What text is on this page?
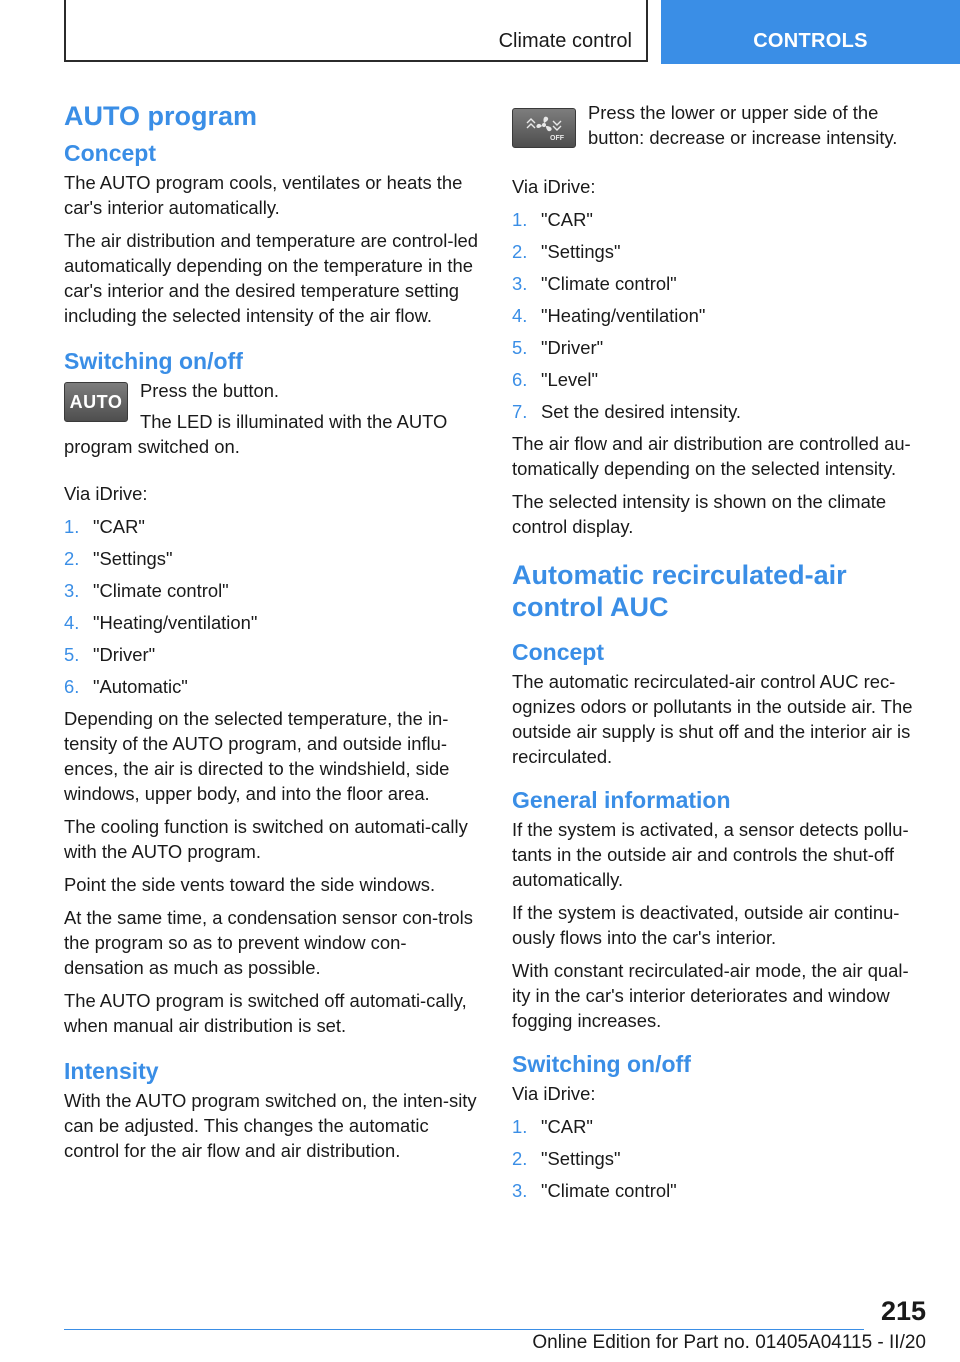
Climate control	CONTROLS
AUTO program
Concept

The AUTO program cools, ventilates or heats the car's interior automatically.

The air distribution and temperature are control-led automatically depending on the temperature in the car's interior and the desired temperature setting including the selected intensity of the air flow.

Switching on/off
AUTO

Press the button.

The LED is illuminated with the AUTO program switched on.

Via iDrive:

1. "CAR"
2. "Settings"
3. "Climate control"
4. "Heating/ventilation"
5. "Driver"
6. "Automatic"

Depending on the selected temperature, the in-tensity of the AUTO program, and outside influ-ences, the air is directed to the windshield, side windows, upper body, and into the floor area.

The cooling function is switched on automati-cally with the AUTO program.

Point the side vents toward the side windows.

At the same time, a condensation sensor con-trols the program so as to prevent window con-densation as much as possible.

The AUTO program is switched off automati-cally, when manual air distribution is set.

Intensity

With the AUTO program switched on, the inten-sity can be adjusted. This changes the automatic control for the air flow and air distribution.

OFF

Press the lower or upper side of the button: decrease or increase intensity.

Via iDrive:

1. "CAR"
2. "Settings"
3. "Climate control"
4. "Heating/ventilation"
5. "Driver"
6. "Level"
7. Set the desired intensity.

The air flow and air distribution are controlled au-tomatically depending on the selected intensity.

The selected intensity is shown on the climate control display.

Automatic recirculated-air control AUC
Concept

The automatic recirculated-air control AUC rec-ognizes odors or pollutants in the outside air. The outside air supply is shut off and the interior air is recirculated.

General information

If the system is activated, a sensor detects pollu-tants in the outside air and controls the shut-off automatically.

If the system is deactivated, outside air continu-ously flows into the car's interior.

With constant recirculated-air mode, the air qual-ity in the car's interior deteriorates and window fogging increases.

Switching on/off

Via iDrive:

1. "CAR"
2. "Settings"
3. "Climate control"
215
Online Edition for Part no. 01405A04115 - II/20
